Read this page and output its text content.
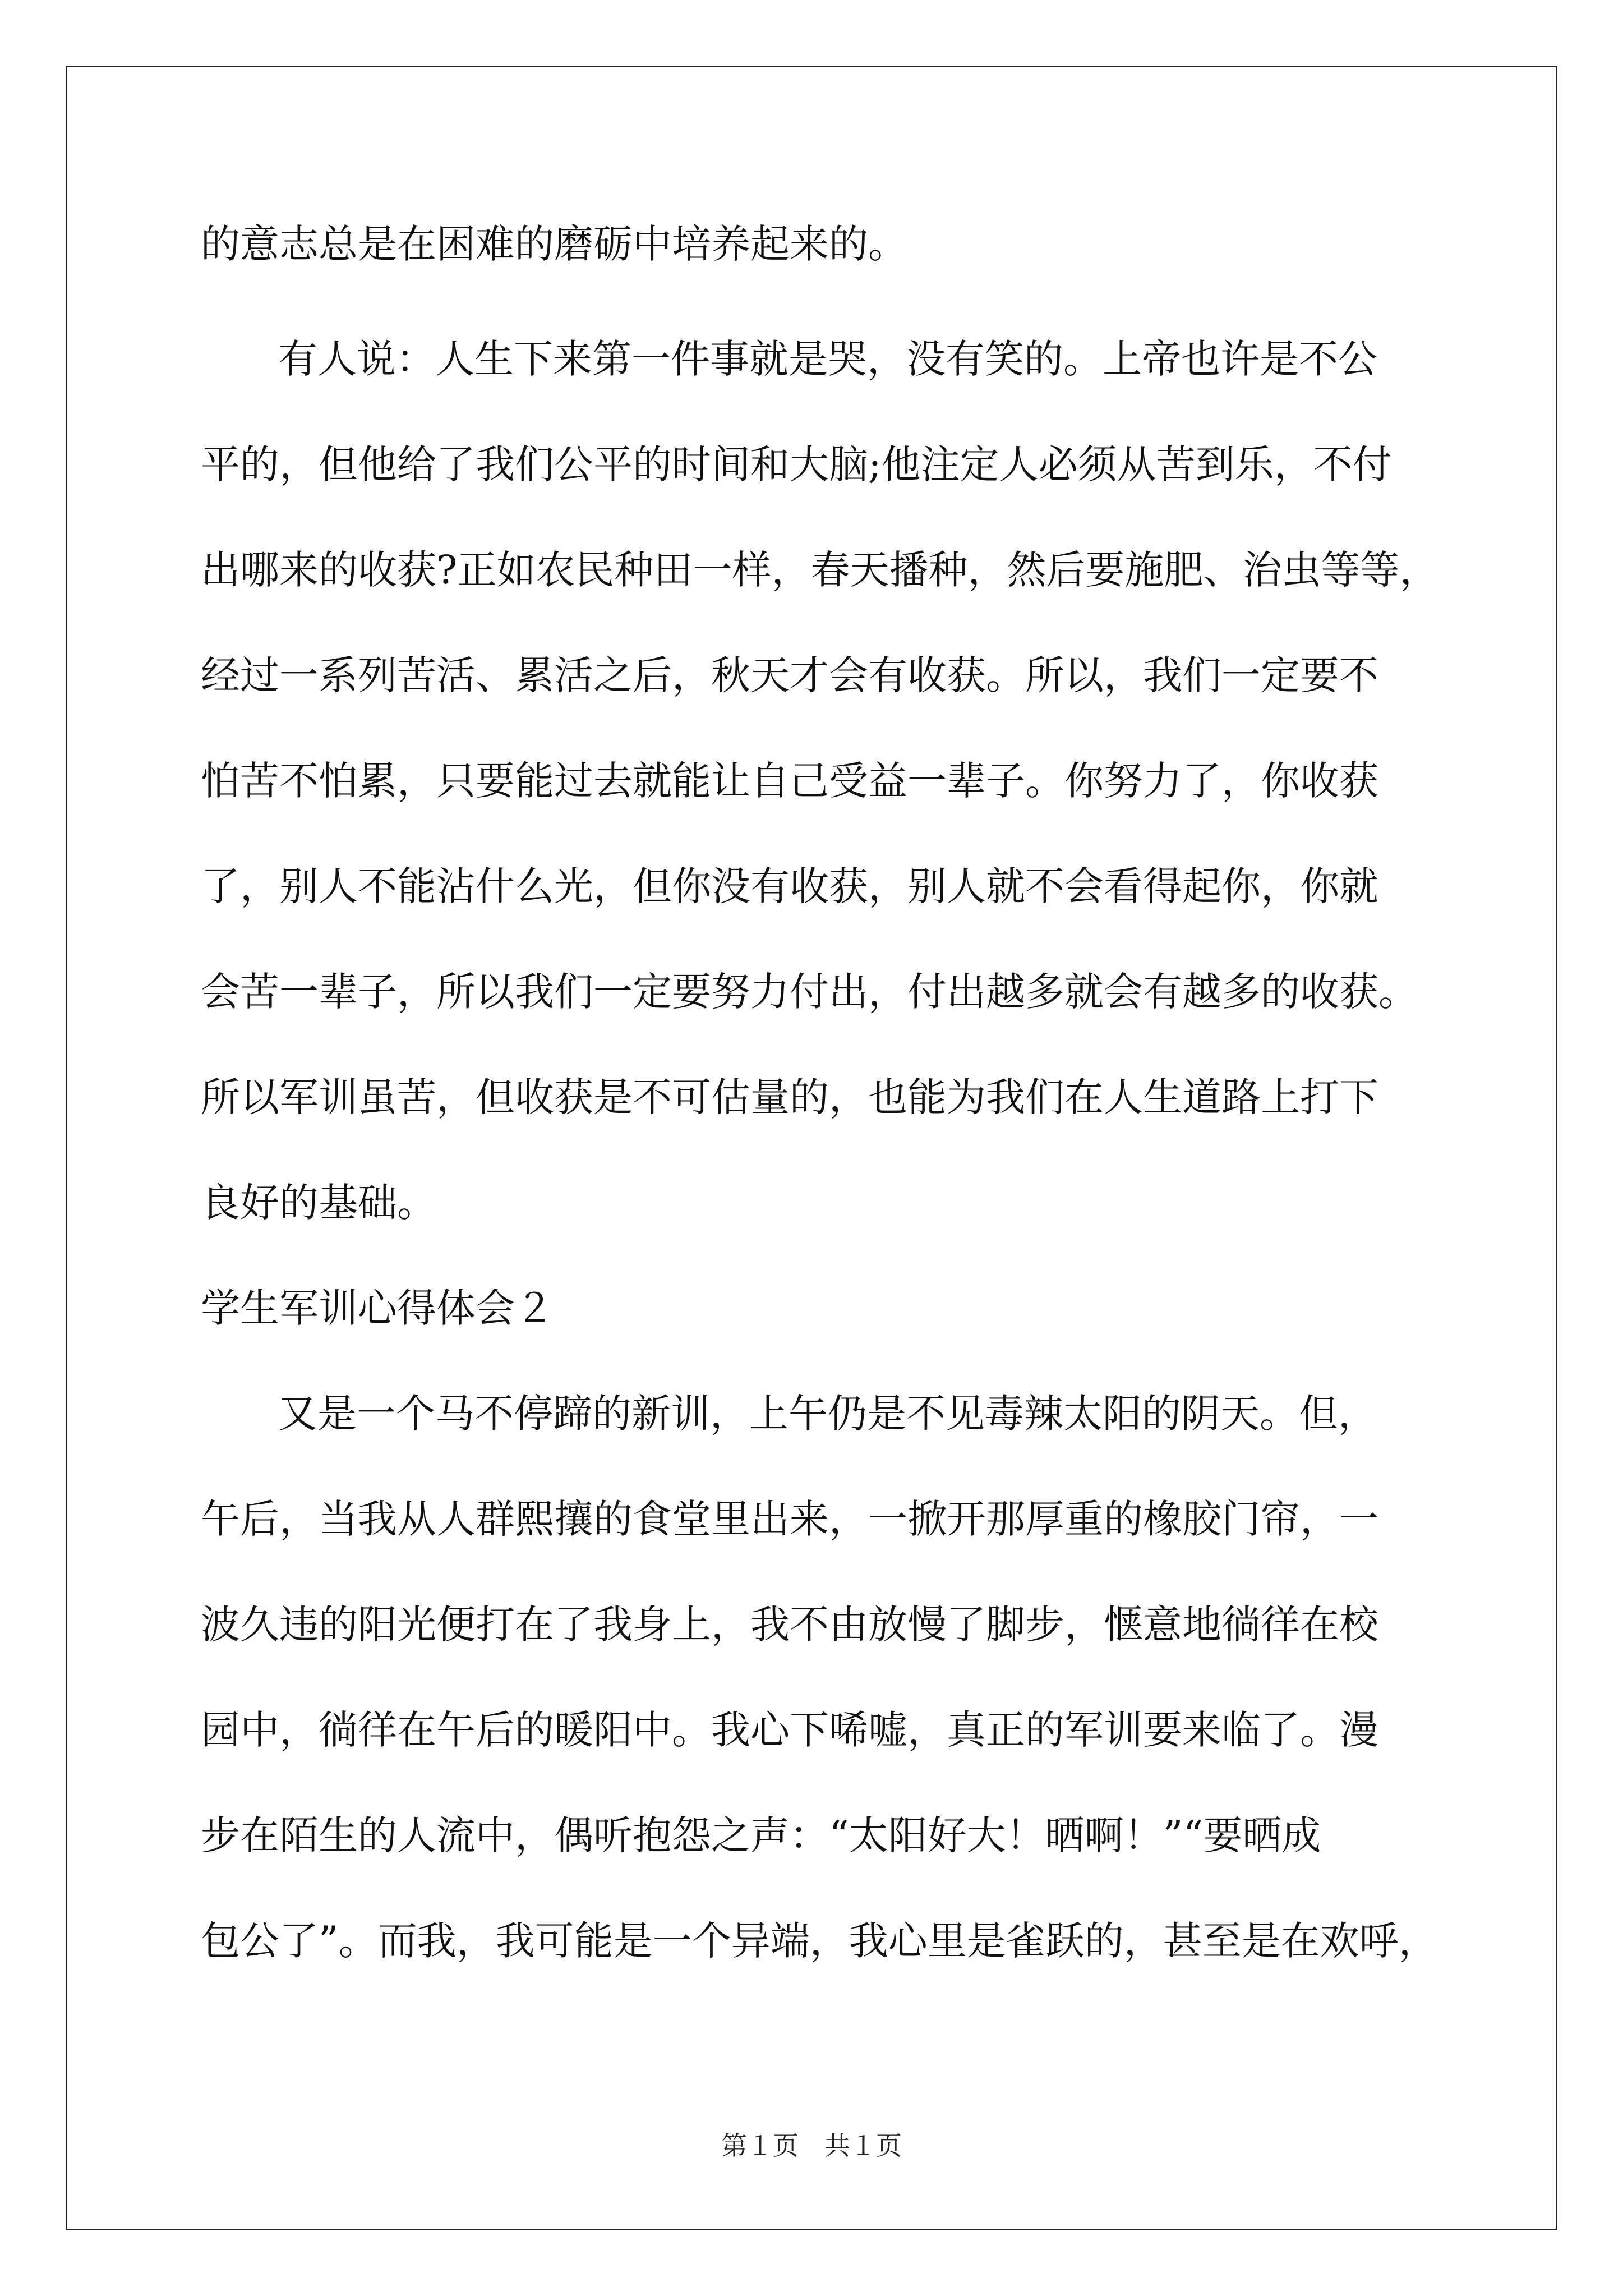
的意志总是在困难的磨砺中培养起来的。
有人说：人生下来第一件事就是哭，没有笑的。上帝也许是不公
平的，但他给了我们公平的时间和大脑;他注定人必须从苦到乐，不付
出哪来的收获?正如农民种田一样，春天播种，然后要施肥、治虫等等，
经过一系列苦活、累活之后，秋天才会有收获。所以，我们一定要不
怕苦不怕累，只要能过去就能让自己受益一辈子。你努力了，你收获
了，别人不能沾什么光，但你没有收获，别人就不会看得起你，你就
会苦一辈子，所以我们一定要努力付出，付出越多就会有越多的收获。
所以军训虽苦，但收获是不可估量的，也能为我们在人生道路上打下
良好的基础。
学生军训心得体会２
又是一个马不停蹄的新训，上午仍是不见毒辣太阳的阴天。但，
午后，当我从人群熙攘的食堂里出来，一掀开那厚重的橡胶门帘，一
波久违的阳光便打在了我身上，我不由放慢了脚步，惬意地徜徉在校
园中，徜徉在午后的暖阳中。我心下唏嘘，真正的军训要来临了。漫
步在陌生的人流中，偶听抱怨之声：“太阳好大！晒啊！”“要晒成
包公了”。而我，我可能是一个异端，我心里是雀跃的，甚至是在欢呼，
第１页　共１页
